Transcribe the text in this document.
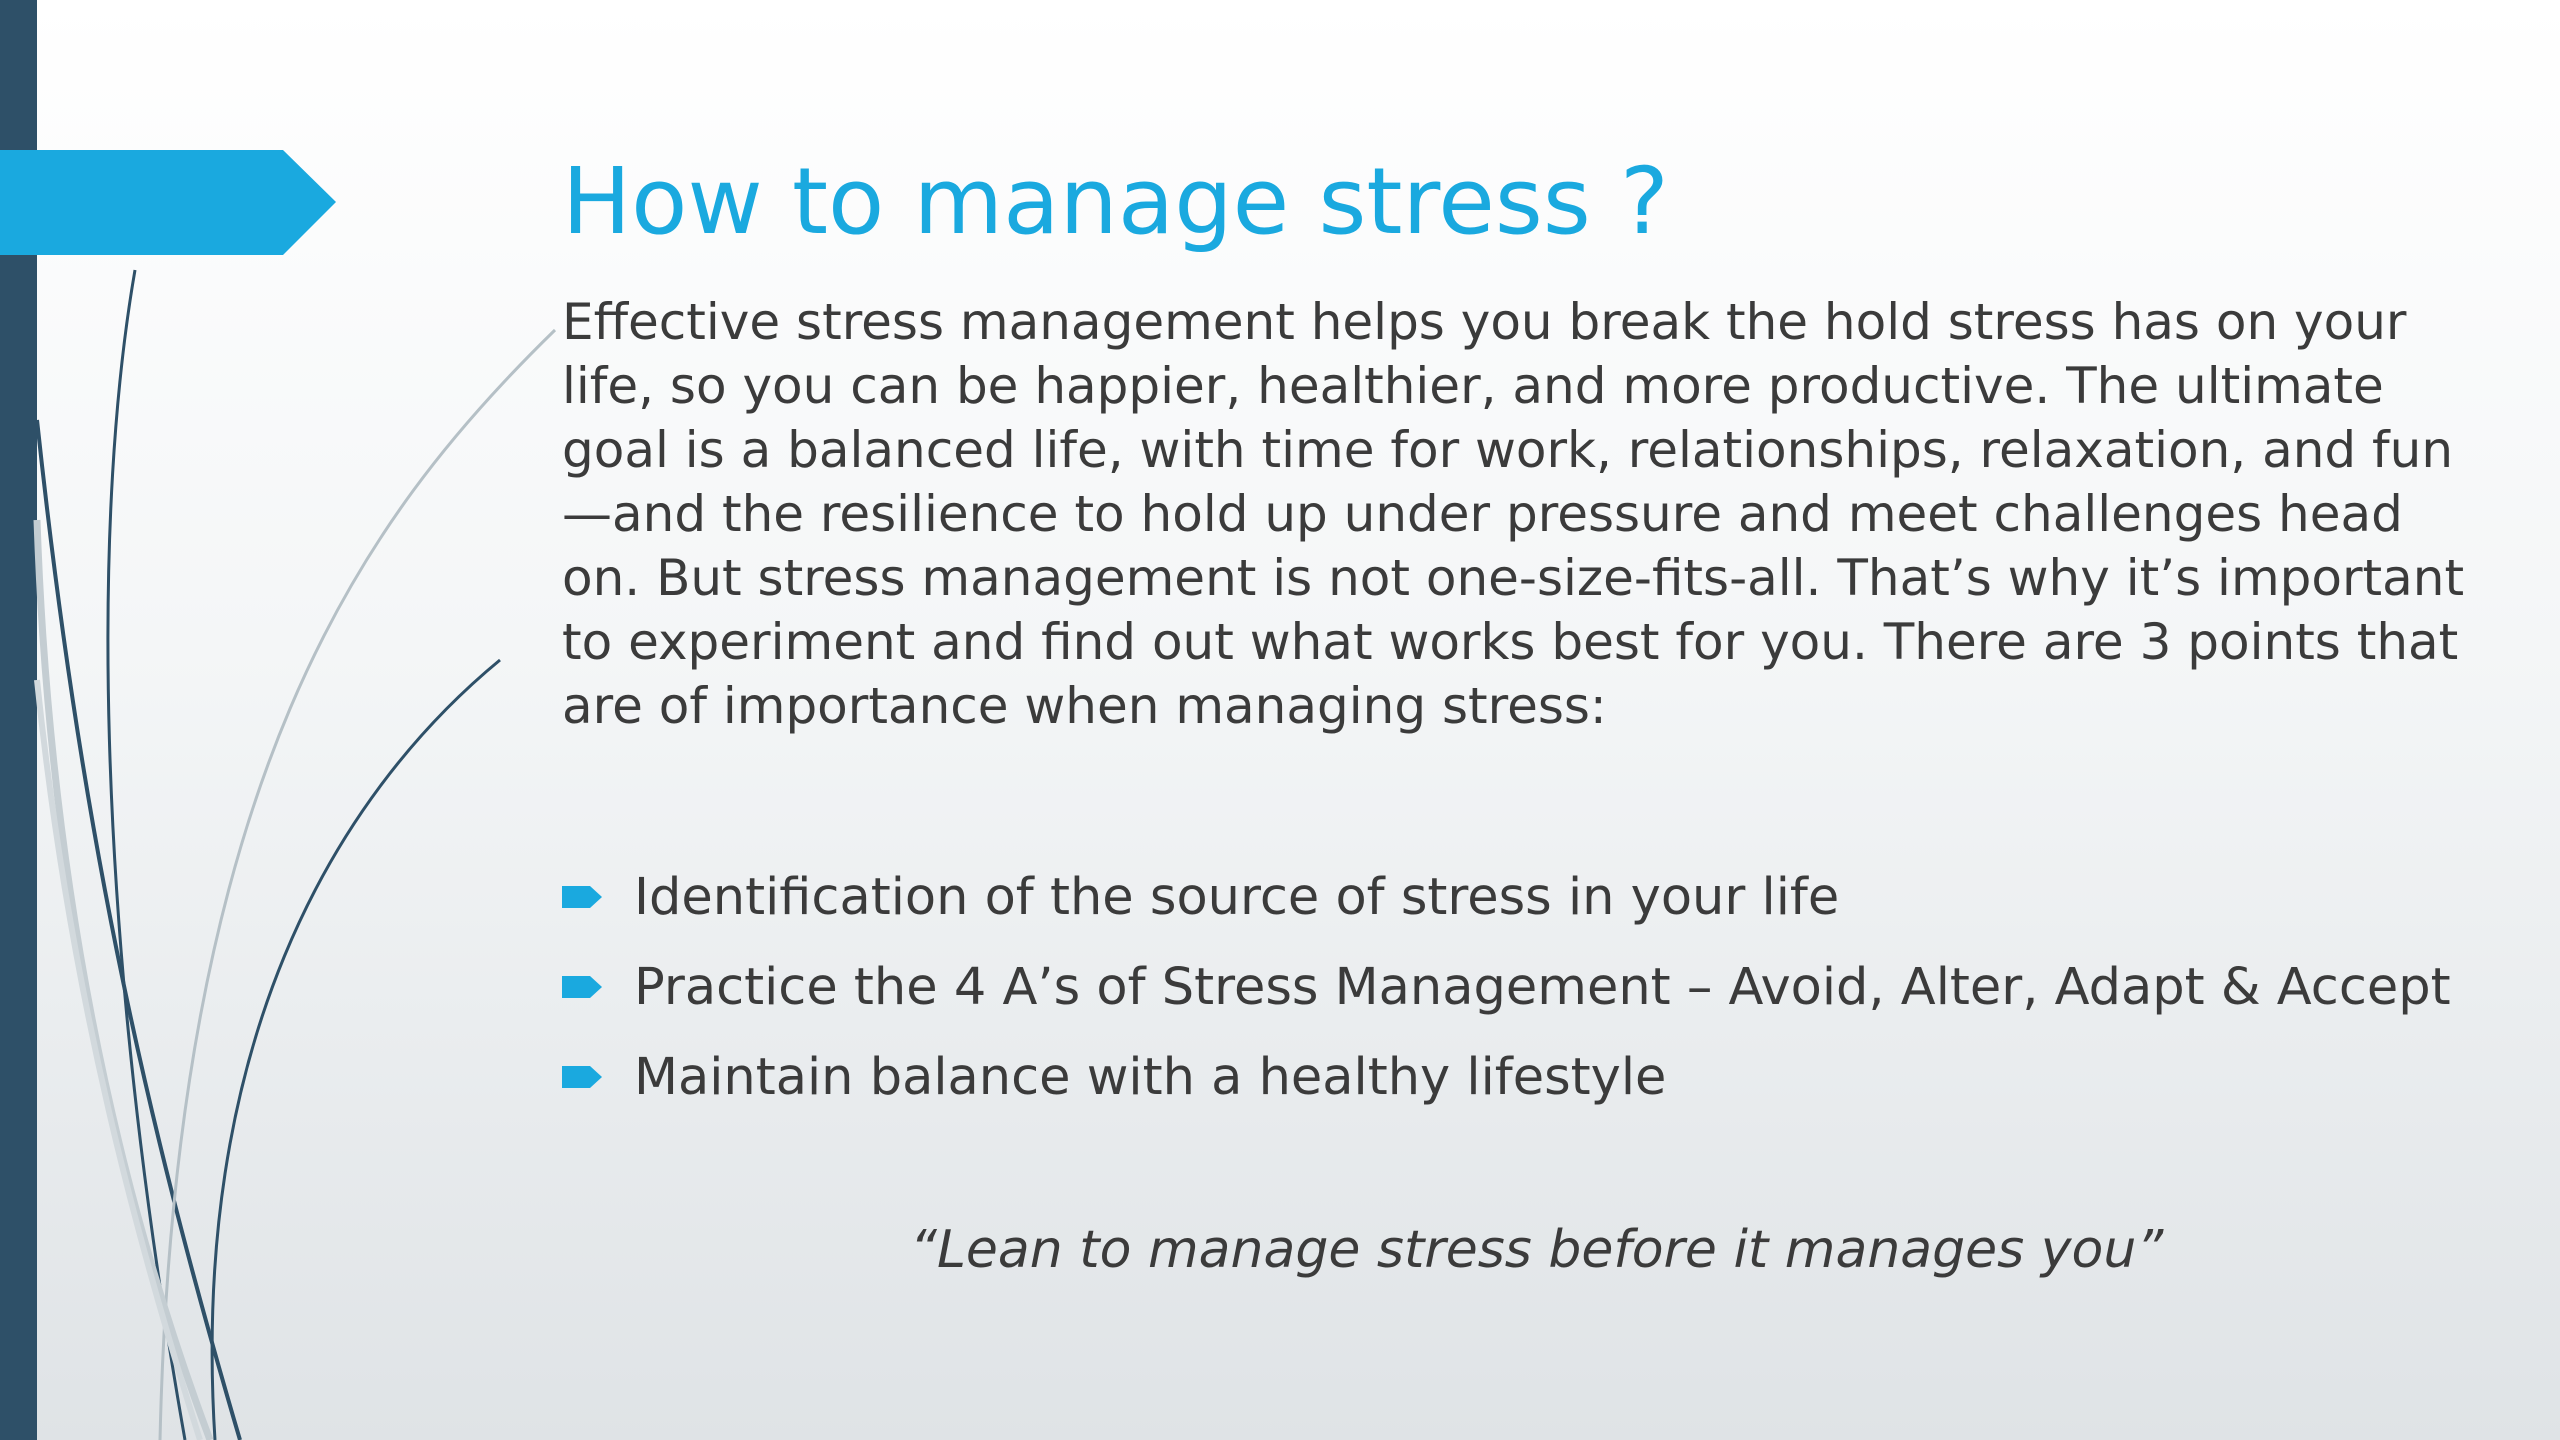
How to manage stress ?

Effective stress management helps you break the hold stress has on your life, so you can be happier, healthier, and more productive. The ultimate goal is a balanced life, with time for work, relationships, relaxation, and fun—and the resilience to hold up under pressure and meet challenges head on. But stress management is not one-size-fits-all. That’s why it’s important to experiment and find out what works best for you. There are 3 points that are of importance when managing stress:

Identification of the source of stress in your life
Practice the 4 A’s of Stress Management – Avoid, Alter, Adapt & Accept
Maintain balance with a healthy lifestyle

“Lean to manage stress before it manages you”
